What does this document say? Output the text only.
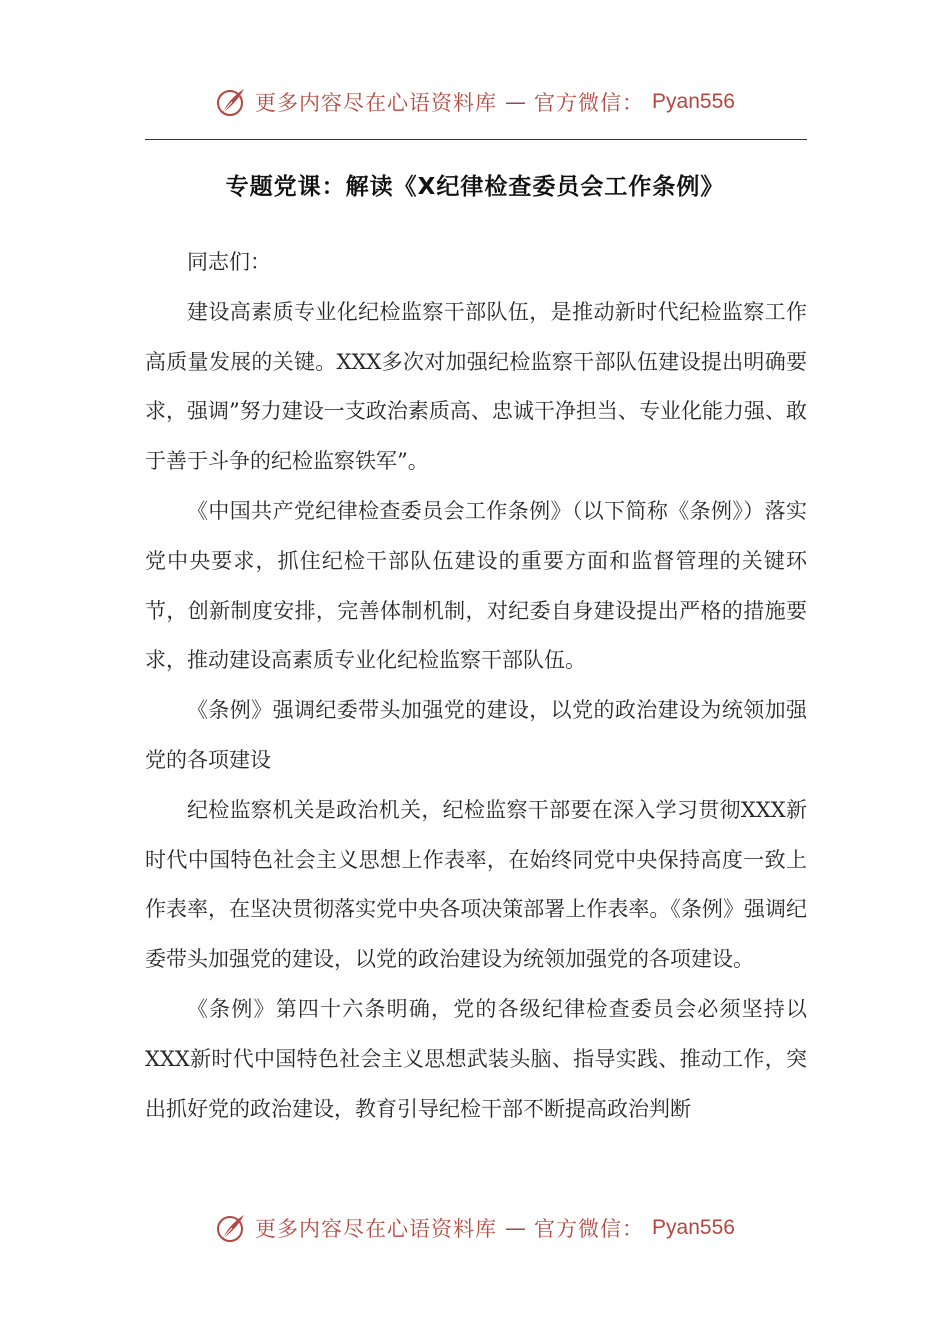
更多内容尽在心语资料库 — 官方微信： Pyan556
专题党课：解读《X纪律检查委员会工作条例》

同志们：

建设高素质专业化纪检监察干部队伍，是推动新时代纪检监察工作高质量发展的关键。XXX多次对加强纪检监察干部队伍建设提出明确要求，强调”努力建设一支政治素质高、忠诚干净担当、专业化能力强、敢于善于斗争的纪检监察铁军”。

《中国共产党纪律检查委员会工作条例》（以下简称《条例》）落实党中央要求，抓住纪检干部队伍建设的重要方面和监督管理的关键环节，创新制度安排，完善体制机制，对纪委自身建设提出严格的措施要求，推动建设高素质专业化纪检监察干部队伍。

《条例》强调纪委带头加强党的建设，以党的政治建设为统领加强党的各项建设

纪检监察机关是政治机关，纪检监察干部要在深入学习贯彻XXX新时代中国特色社会主义思想上作表率，在始终同党中央保持高度一致上作表率，在坚决贯彻落实党中央各项决策部署上作表率。《条例》强调纪委带头加强党的建设，以党的政治建设为统领加强党的各项建设。

《条例》第四十六条明确，党的各级纪律检查委员会必须坚持以XXX新时代中国特色社会主义思想武装头脑、指导实践、推动工作，突出抓好党的政治建设，教育引导纪检干部不断提高政治判断

更多内容尽在心语资料库 — 官方微信： Pyan556
